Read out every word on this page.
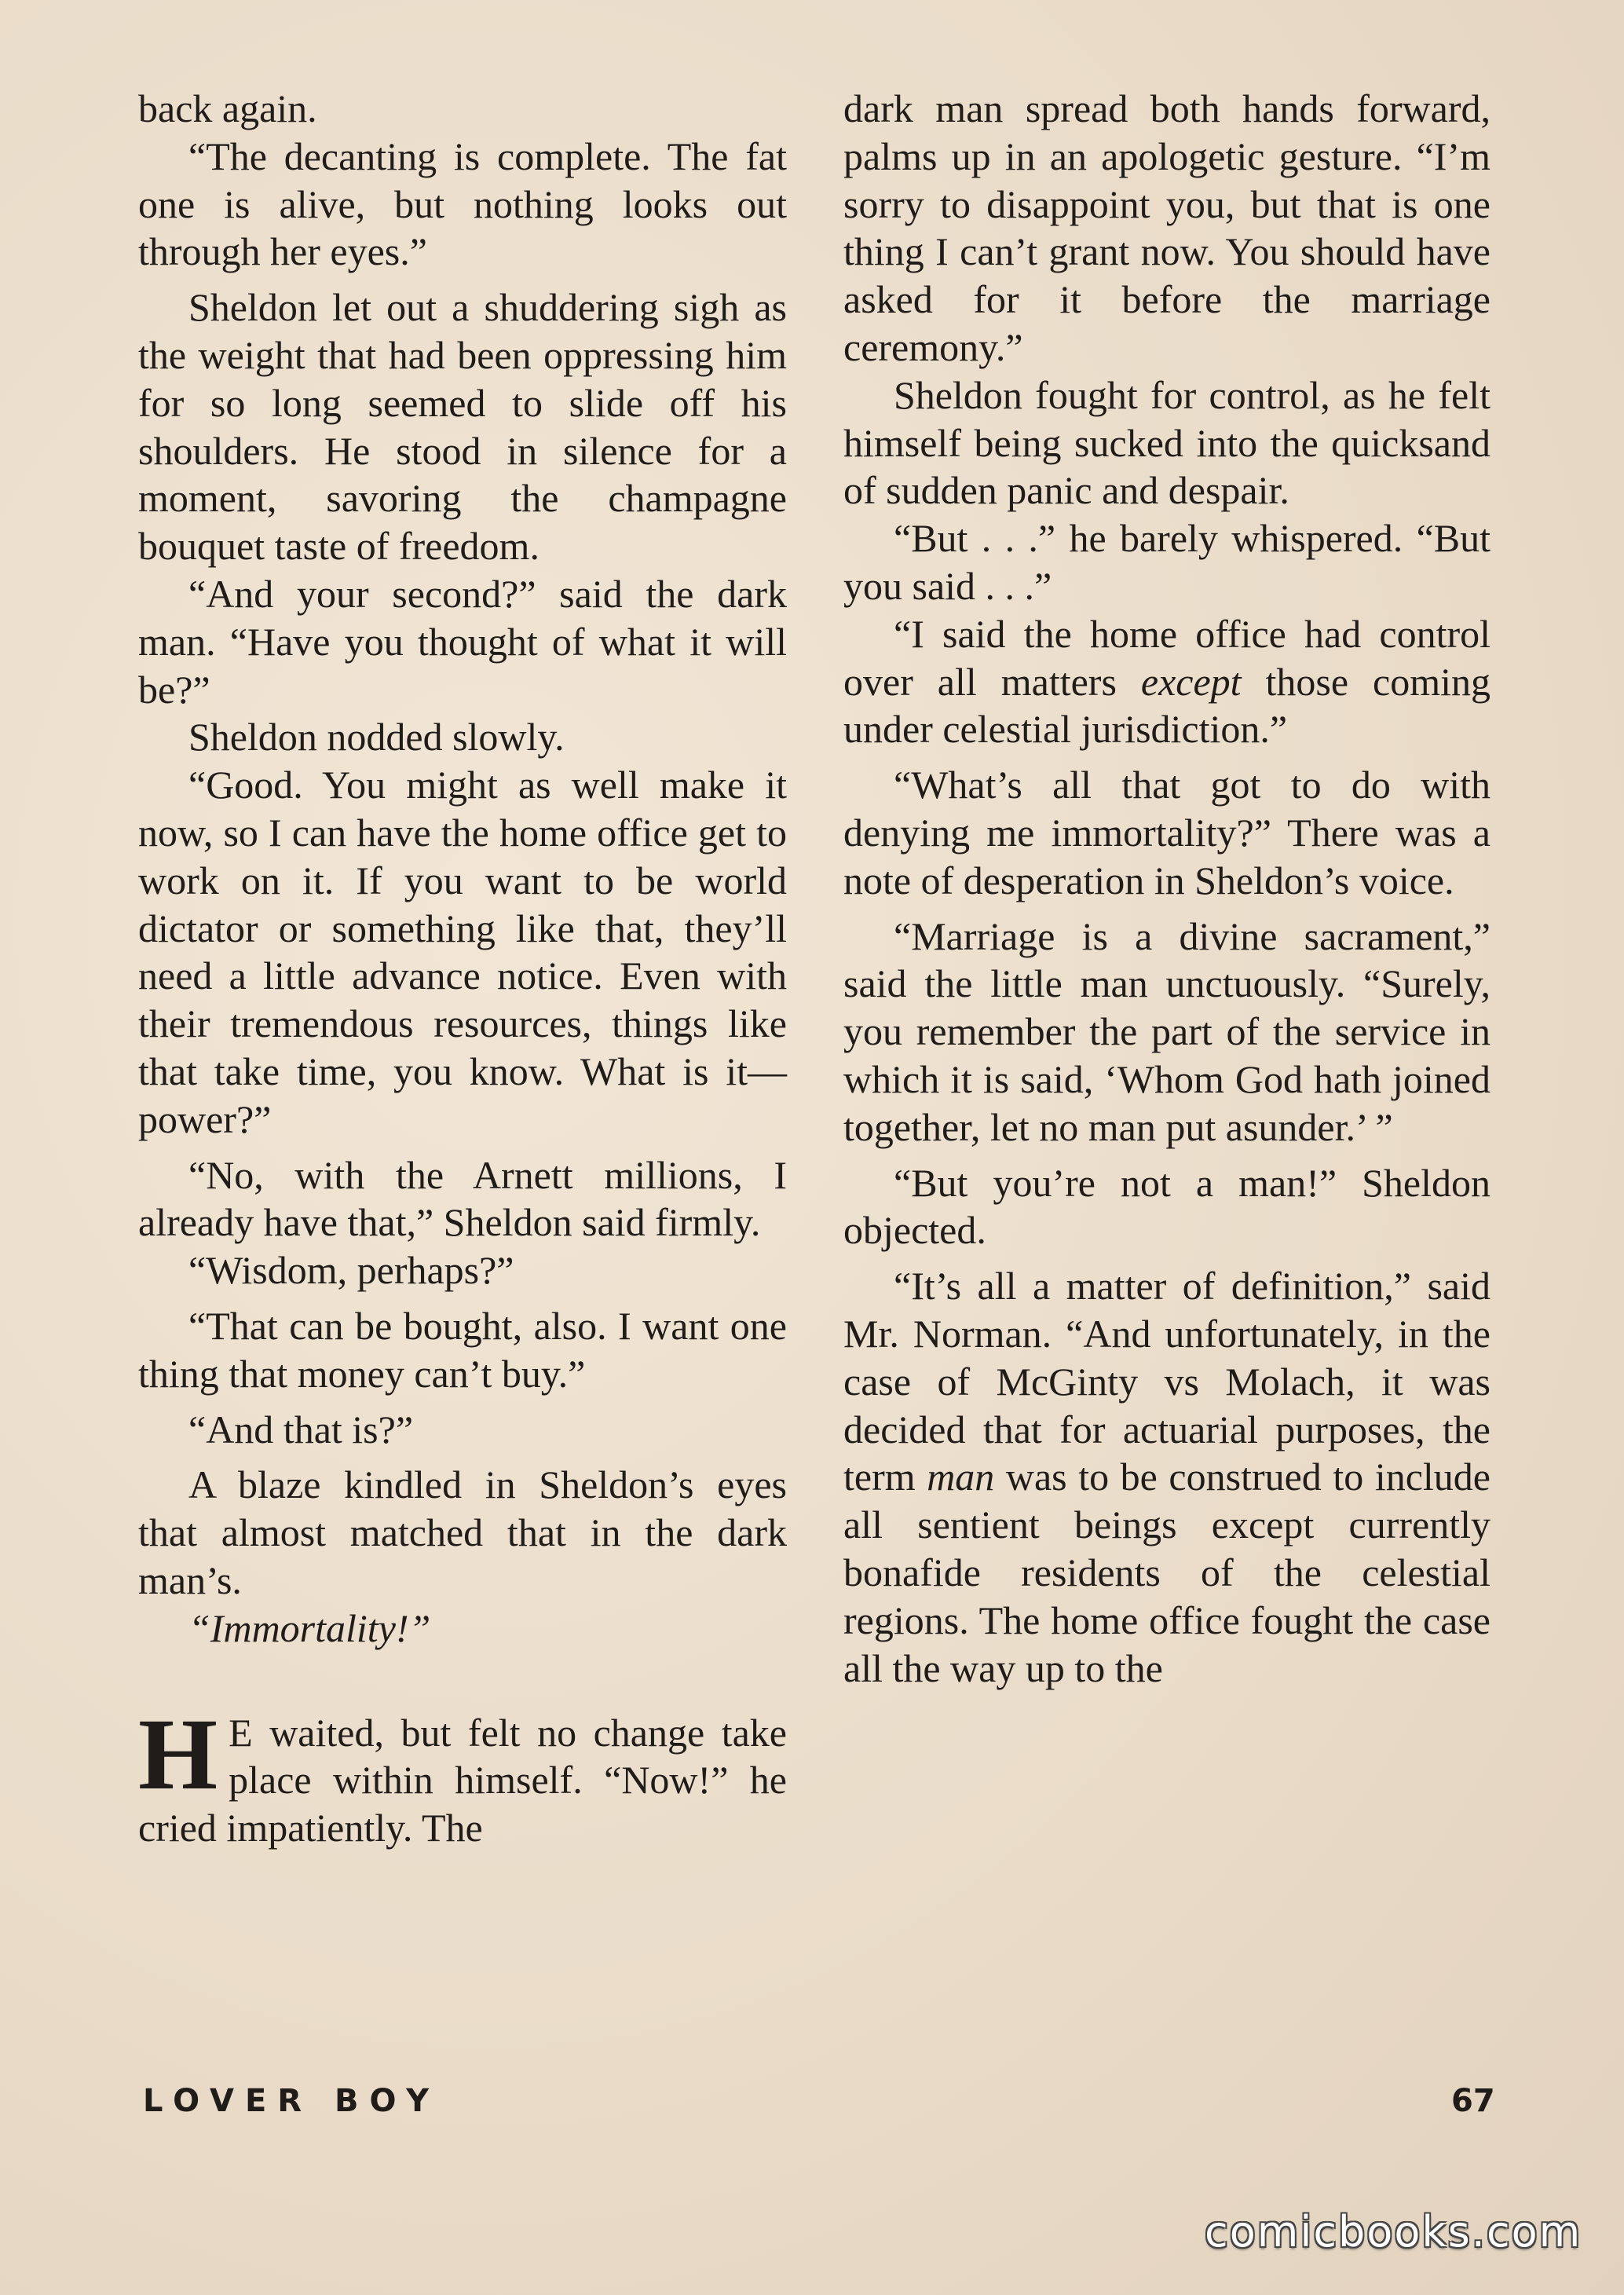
back again.

“The decanting is complete. The fat one is alive, but nothing looks out through her eyes.”

Sheldon let out a shuddering sigh as the weight that had been oppressing him for so long seemed to slide off his shoulders. He stood in silence for a moment, savoring the champagne bouquet taste of freedom.

“And your second?” said the dark man. “Have you thought of what it will be?”

Sheldon nodded slowly.

“Good. You might as well make it now, so I can have the home office get to work on it. If you want to be world dictator or something like that, they’ll need a little advance notice. Even with their tremendous resources, things like that take time, you know. What is it—power?”

“No, with the Arnett millions, I already have that,” Sheldon said firmly.

“Wisdom, perhaps?”

“That can be bought, also. I want one thing that money can’t buy.”

“And that is?”

A blaze kindled in Sheldon’s eyes that almost matched that in the dark man’s.

“Immortality!”

H E waited, but felt no change take place within himself. “Now!” he cried impatiently. The

dark man spread both hands forward, palms up in an apologetic gesture. “I’m sorry to disappoint you, but that is one thing I can’t grant now. You should have asked for it before the marriage ceremony.”

Sheldon fought for control, as he felt himself being sucked into the quicksand of sudden panic and despair.

“But . . .” he barely whispered. “But you said . . .”

“I said the home office had control over all matters except those coming under celestial jurisdiction.”

“What’s all that got to do with denying me immortality?” There was a note of desperation in Sheldon’s voice.

“Marriage is a divine sacrament,” said the little man unctuously. “Surely, you remember the part of the service in which it is said, ‘Whom God hath joined together, let no man put asunder.’ ”

“But you’re not a man!” Sheldon objected.

“It’s all a matter of definition,” said Mr. Norman. “And unfortunately, in the case of McGinty vs Molach, it was decided that for actuarial purposes, the term man was to be construed to include all sentient beings except currently bonafide residents of the celestial regions. The home office fought the case all the way up to the

LOVER BOY	67
comicbooks.com
